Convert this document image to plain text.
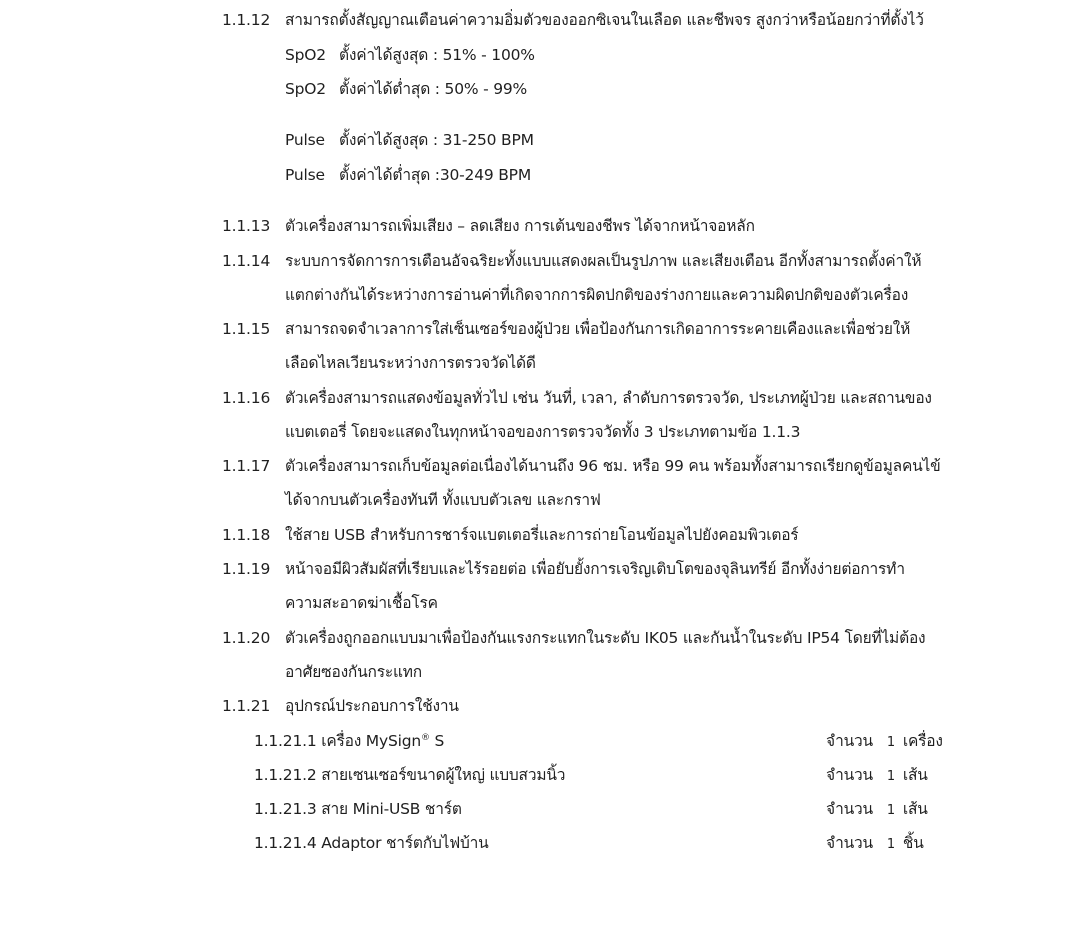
1.1.12 สามารถตั้งสัญญาณเตือนค่าความอิ่มตัวของออกซิเจนในเลือด และชีพจร สูงกว่าหรือน้อยกว่าที่ตั้งไว้
SpO2 ตั้งค่าได้สูงสุด : 51% - 100%
SpO2 ตั้งค่าได้ต่ำสุด : 50% - 99%
Pulse ตั้งค่าได้สูงสุด : 31-250 BPM
Pulse ตั้งค่าได้ต่ำสุด :30-249 BPM
1.1.13 ตัวเครื่องสามารถเพิ่มเสียง – ลดเสียง การเต้นของชีพร ได้จากหน้าจอหลัก
1.1.14 ระบบการจัดการการเตือนอัจฉริยะทั้งแบบแสดงผลเป็นรูปภาพ และเสียงเตือน อีกทั้งสามารถตั้งค่าให้
แตกต่างกันได้ระหว่างการอ่านค่าที่เกิดจากการผิดปกติของร่างกายและความผิดปกติของตัวเครื่อง
1.1.15 สามารถจดจำเวลาการใส่เซ็นเซอร์ของผู้ป่วย เพื่อป้องกันการเกิดอาการระคายเคืองและเพื่อช่วยให้
เลือดไหลเวียนระหว่างการตรวจวัดได้ดี
1.1.16 ตัวเครื่องสามารถแสดงข้อมูลทั่วไป เช่น วันที่, เวลา, ลำดับการตรวจวัด, ประเภทผู้ป่วย และสถานของ
แบตเตอรี่ โดยจะแสดงในทุกหน้าจอของการตรวจวัดทั้ง 3 ประเภทตามข้อ 1.1.3
1.1.17 ตัวเครื่องสามารถเก็บข้อมูลต่อเนื่องได้นานถึง 96 ชม. หรือ 99 คน พร้อมทั้งสามารถเรียกดูข้อมูลคนไข้
ได้จากบนตัวเครื่องทันที ทั้งแบบตัวเลข และกราฟ
1.1.18 ใช้สาย USB สำหรับการชาร์จแบตเตอรี่และการถ่ายโอนข้อมูลไปยังคอมพิวเตอร์
1.1.19 หน้าจอมีผิวสัมผัสที่เรียบและไร้รอยต่อ เพื่อยับยั้งการเจริญเติบโตของจุลินทรีย์ อีกทั้งง่ายต่อการทำ
ความสะอาดฆ่าเชื้อโรค
1.1.20 ตัวเครื่องถูกออกแบบมาเพื่อป้องกันแรงกระแทกในระดับ IK05 และกันน้ำในระดับ IP54 โดยที่ไม่ต้อง
อาศัยซองกันกระแทก
1.1.21 อุปกรณ์ประกอบการใช้งาน
1.1.21.1 เครื่อง MySign® S	จำนวน 1 เครื่อง
1.1.21.2 สายเซนเซอร์ขนาดผู้ใหญ่ แบบสวมนิ้ว	จำนวน 1 เส้น
1.1.21.3 สาย Mini-USB ชาร์ต	จำนวน 1 เส้น
1.1.21.4 Adaptor ชาร์ตกับไฟบ้าน	จำนวน 1 ชิ้น
